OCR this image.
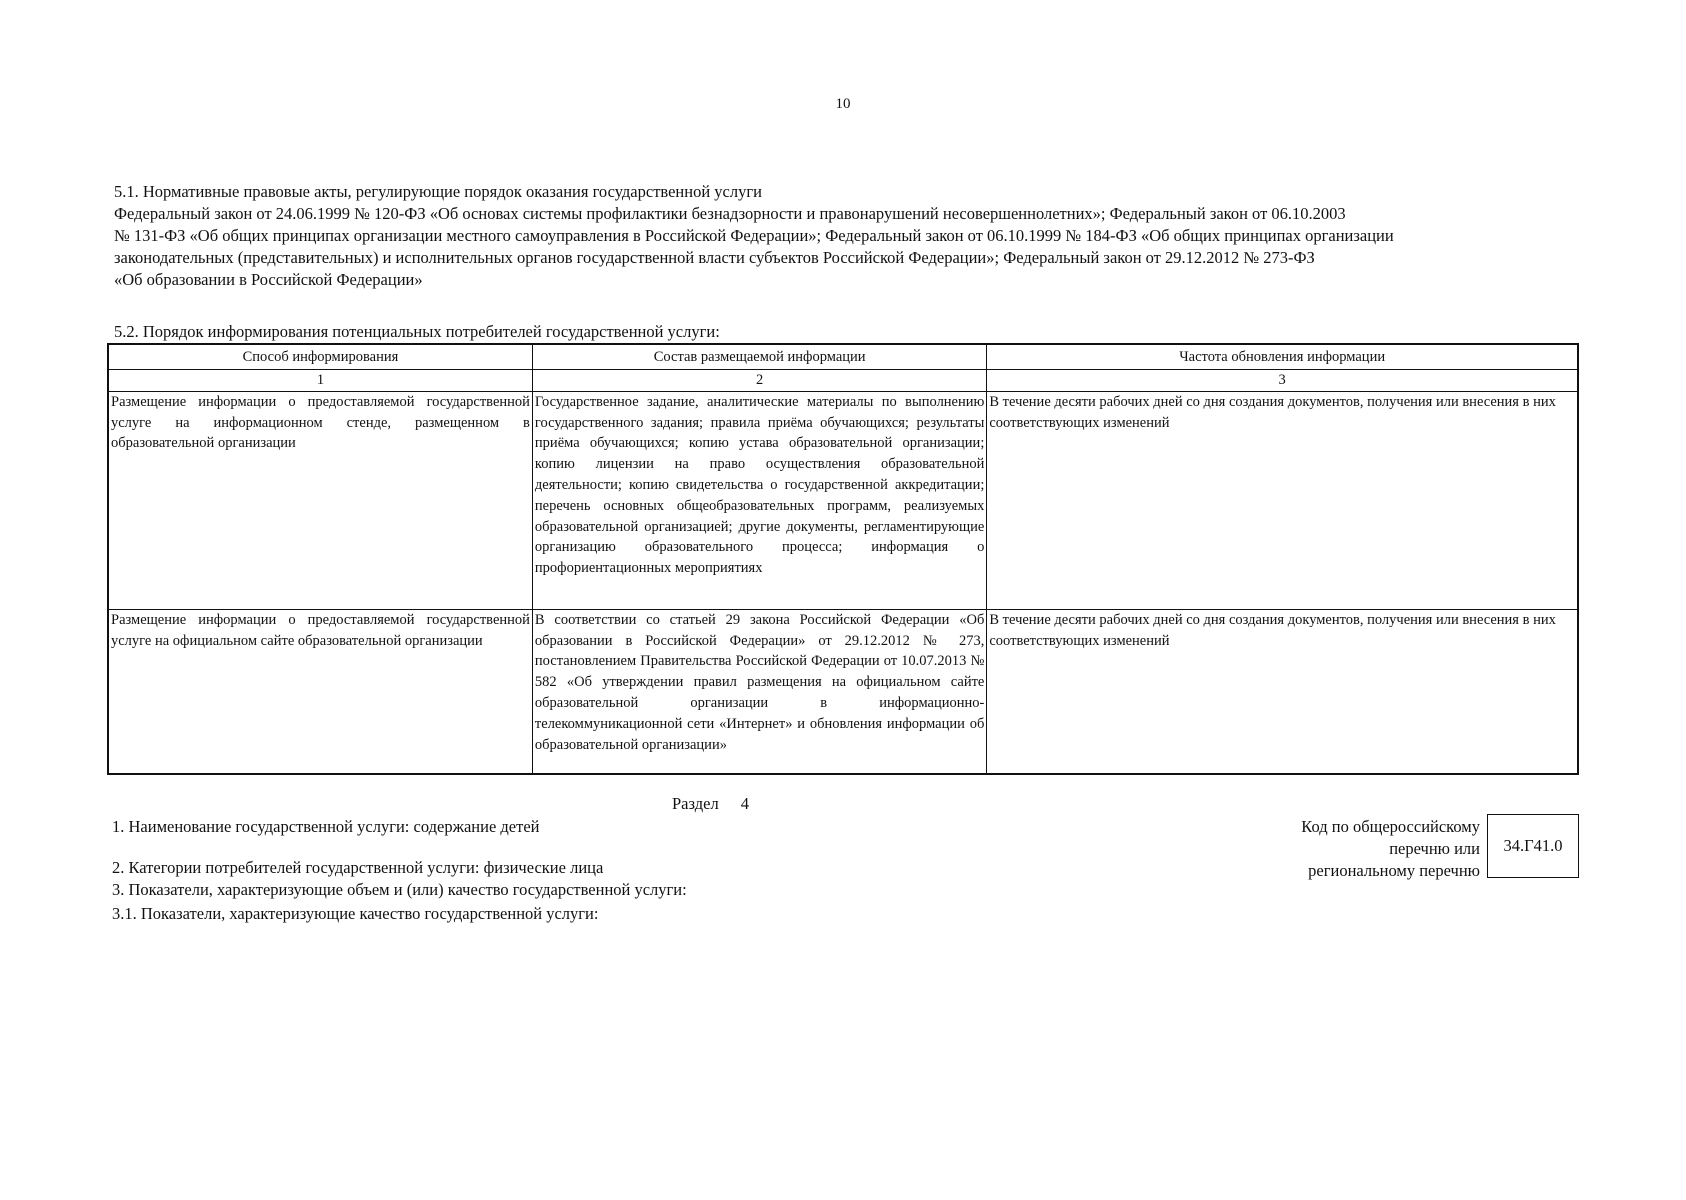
10

5.1. Нормативные правовые акты, регулирующие порядок оказания государственной услуги

Федеральный закон от 24.06.1999 № 120-ФЗ «Об основах системы профилактики безнадзорности и правонарушений несовершеннолетних»; Федеральный закон от 06.10.2003

№ 131-ФЗ «Об общих принципах организации местного самоуправления в Российской Федерации»; Федеральный закон от 06.10.1999 № 184-ФЗ «Об общих принципах организации

законодательных (представительных) и исполнительных органов государственной власти субъектов Российской Федерации»; Федеральный закон от 29.12.2012 № 273-ФЗ

«Об образовании в Российской Федерации»

5.2. Порядок информирования потенциальных потребителей государственной услуги:
Способ информирования	Состав размещаемой информации	Частота обновления информации
1	2	3
Размещение информации о предоставляемой государственной услуге на информационном стенде, размещенном в образовательной организации	Государственное задание, аналитические материалы по выполнению государственного задания; правила приёма обучающихся; результаты приёма обучающихся; копию устава образовательной организации; копию лицензии на право осуществления образовательной деятельности; копию свидетельства о государственной аккредитации; перечень основных общеобразовательных программ, реализуемых образовательной организацией; другие документы, регламентирующие организацию образовательного процесса; информация о профориентационных мероприятиях	В течение десяти рабочих дней со дня создания документов, получения или внесения в них соответствующих изменений
Размещение информации о предоставляемой государственной услуге на официальном сайте образовательной организации	В соответствии со статьей 29 закона Российской Федерации «Об образовании в Российской Федерации» от 29.12.2012 № 273, постановлением Правительства Российской Федерации от 10.07.2013 № 582 «Об утверждении правил размещения на официальном сайте образовательной организации в информационно-телекоммуникационной сети «Интернет» и обновления информации об образовательной организации»	В течение десяти рабочих дней со дня создания документов, получения или внесения в них соответствующих изменений
Раздел 4
1. Наименование государственной услуги: содержание детей
2. Категории потребителей государственной услуги: физические лица
3. Показатели, характеризующие объем и (или) качество государственной услуги:
3.1. Показатели, характеризующие качество государственной услуги:
Код по общероссийскому
перечню или
региональному перечню
34.Г41.0
